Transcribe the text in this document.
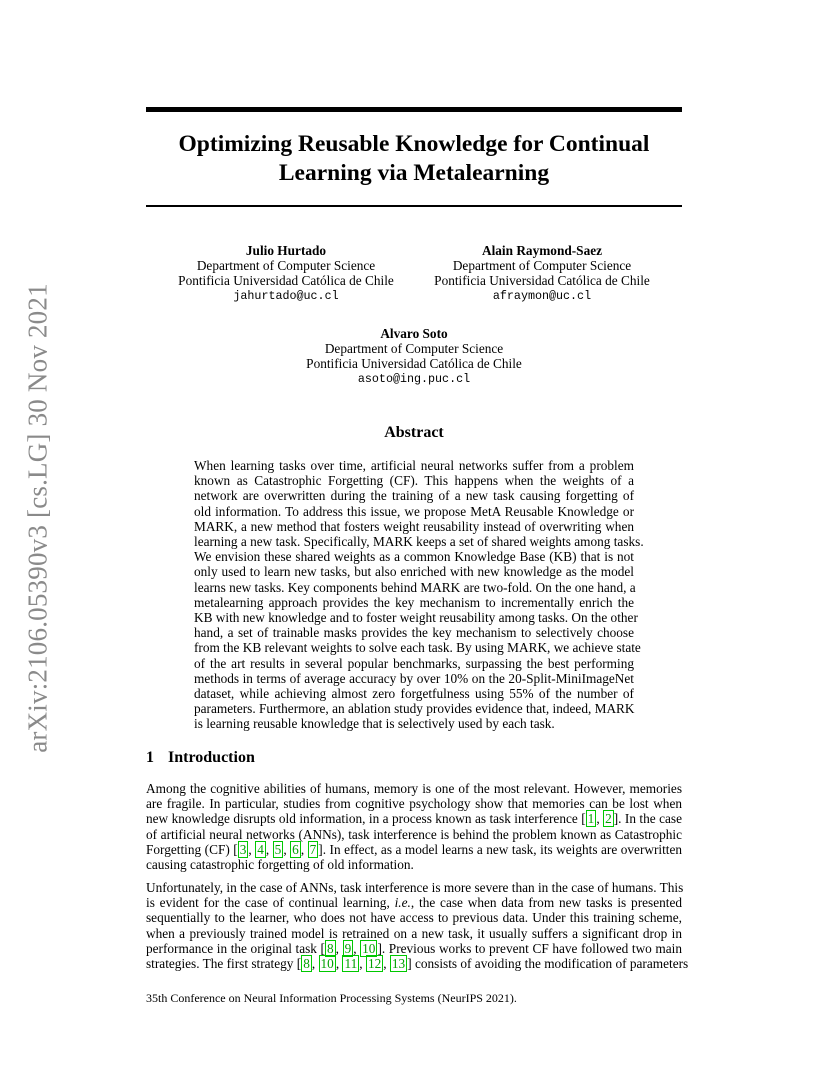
arXiv:2106.05390v3 [cs.LG] 30 Nov 2021
Optimizing Reusable Knowledge for Continual
Learning via Metalearning
Julio Hurtado
Department of Computer Science
Pontificia Universidad Católica de Chile
jahurtado@uc.cl
Alain Raymond-Saez
Department of Computer Science
Pontificia Universidad Católica de Chile
afraymon@uc.cl
Alvaro Soto
Department of Computer Science
Pontificia Universidad Católica de Chile
asoto@ing.puc.cl
Abstract
When learning tasks over time, artificial neural networks suffer from a problem
known as Catastrophic Forgetting (CF). This happens when the weights of a
network are overwritten during the training of a new task causing forgetting of
old information. To address this issue, we propose MetA Reusable Knowledge or
MARK, a new method that fosters weight reusability instead of overwriting when
learning a new task. Specifically, MARK keeps a set of shared weights among tasks.
We envision these shared weights as a common Knowledge Base (KB) that is not
only used to learn new tasks, but also enriched with new knowledge as the model
learns new tasks. Key components behind MARK are two-fold. On the one hand, a
metalearning approach provides the key mechanism to incrementally enrich the
KB with new knowledge and to foster weight reusability among tasks. On the other
hand, a set of trainable masks provides the key mechanism to selectively choose
from the KB relevant weights to solve each task. By using MARK, we achieve state
of the art results in several popular benchmarks, surpassing the best performing
methods in terms of average accuracy by over 10% on the 20-Split-MiniImageNet
dataset, while achieving almost zero forgetfulness using 55% of the number of
parameters. Furthermore, an ablation study provides evidence that, indeed, MARK
is learning reusable knowledge that is selectively used by each task.
1 Introduction
Among the cognitive abilities of humans, memory is one of the most relevant. However, memories
are fragile. In particular, studies from cognitive psychology show that memories can be lost when
new knowledge disrupts old information, in a process known as task interference [ 1 , 2 ]. In the case
of artificial neural networks (ANNs), task interference is behind the problem known as Catastrophic
Forgetting (CF) [ 3 , 4 , 5 , 6 , 7 ]. In effect, as a model learns a new task, its weights are overwritten
causing catastrophic forgetting of old information.
Unfortunately, in the case of ANNs, task interference is more severe than in the case of humans. This
is evident for the case of continual learning, i.e., the case when data from new tasks is presented
sequentially to the learner, who does not have access to previous data. Under this training scheme,
when a previously trained model is retrained on a new task, it usually suffers a significant drop in
performance in the original task [ 8 , 9 , 10 ]. Previous works to prevent CF have followed two main
strategies. The first strategy [ 8 , 10 , 11 , 12 , 13 ] consists of avoiding the modification of parameters
35th Conference on Neural Information Processing Systems (NeurIPS 2021).
